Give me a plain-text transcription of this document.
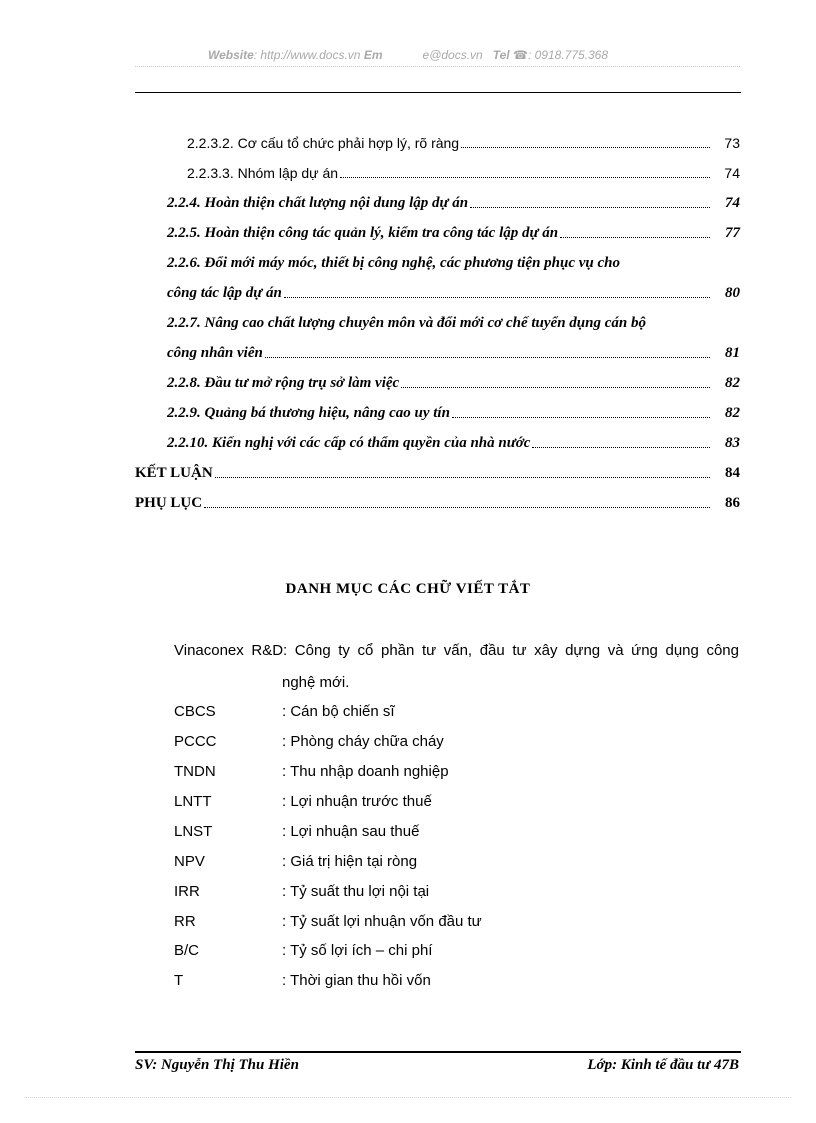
Website: http://www.docs.vn Em	e@docs.vn Tel ☎: 0918.775.368
2.2.3.2. Cơ cấu tổ chức phải hợp lý, rõ ràng	73
2.2.3.3. Nhóm lập dự án	74
2.2.4. Hoàn thiện chất lượng nội dung lập dự án	74
2.2.5. Hoàn thiện công tác quản lý, kiểm tra công tác lập dự án	77
2.2.6. Đổi mới máy móc, thiết bị công nghệ, các phương tiện phục vụ cho
công tác lập dự án	80
2.2.7. Nâng cao chất lượng chuyên môn và đổi mới cơ chế tuyển dụng cán bộ
công nhân viên	81
2.2.8. Đầu tư mở rộng trụ sở làm việc	82
2.2.9. Quảng bá thương hiệu, nâng cao uy tín	82
2.2.10. Kiến nghị với các cấp có thẩm quyền của nhà nước	83
KẾT LUẬN	84
PHỤ LỤC	86
DANH MỤC CÁC CHỮ VIẾT TẮT
Vinaconex R&D: Công ty cổ phần tư vấn, đầu tư xây dựng và ứng dụng công
nghệ mới.
CBCS	: Cán bộ chiến sĩ
PCCC	: Phòng cháy chữa cháy
TNDN	: Thu nhập doanh nghiệp
LNTT	: Lợi nhuận trước thuế
LNST	: Lợi nhuận sau thuế
NPV	: Giá trị hiện tại ròng
IRR	: Tỷ suất thu lợi nội tại
RR	: Tỷ suất lợi nhuận vốn đầu tư
B/C	: Tỷ số lợi ích – chi phí
T	: Thời gian thu hồi vốn
SV: Nguyễn Thị Thu Hiền	Lớp: Kinh tế đầu tư 47B
